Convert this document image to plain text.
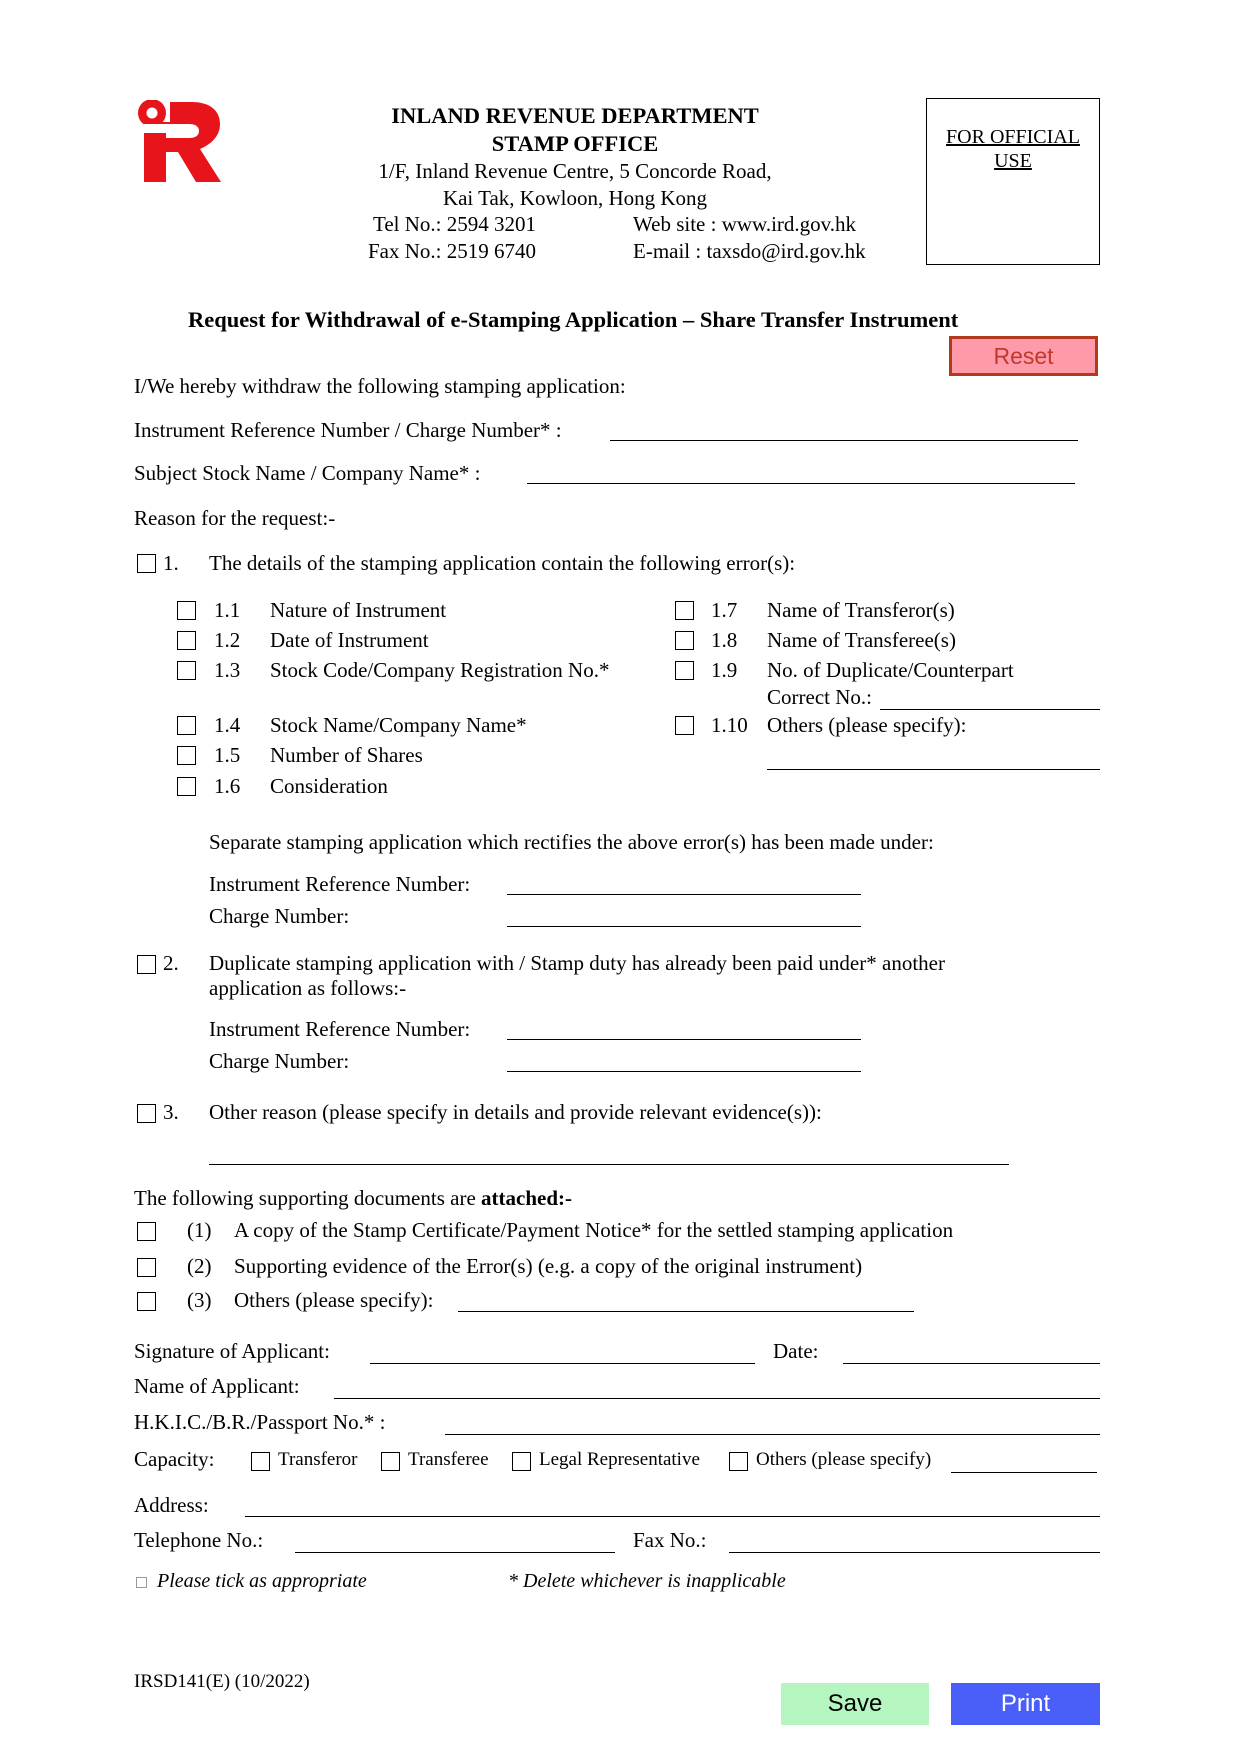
INLAND REVENUE DEPARTMENT
STAMP OFFICE
1/F, Inland Revenue Centre, 5 Concorde Road,
Kai Tak, Kowloon, Hong Kong
Tel No.: 2594 3201
Fax No.: 2519 6740
Web site : www.ird.gov.hk
E-mail : taxsdo@ird.gov.hk
FOR OFFICIAL
USE
Request for Withdrawal of e-Stamping Application – Share Transfer Instrument
Reset
I/We hereby withdraw the following stamping application:
Instrument Reference Number / Charge Number* :
Subject Stock Name / Company Name* :
Reason for the request:-
1. The details of the stamping application contain the following error(s):
1.1 Nature of Instrument
1.2 Date of Instrument
1.3 Stock Code/Company Registration No.*
1.4 Stock Name/Company Name*
1.5 Number of Shares
1.6 Consideration
1.7 Name of Transferor(s)
1.8 Name of Transferee(s)
1.9 No. of Duplicate/Counterpart
Correct No.:
1.10 Others (please specify):
Separate stamping application which rectifies the above error(s) has been made under:
Instrument Reference Number:
Charge Number:
2. Duplicate stamping application with / Stamp duty has already been paid under* another
application as follows:-
Instrument Reference Number:
Charge Number:
3. Other reason (please specify in details and provide relevant evidence(s)):
The following supporting documents are attached:-
(1) A copy of the Stamp Certificate/Payment Notice* for the settled stamping application
(2) Supporting evidence of the Error(s) (e.g. a copy of the original instrument)
(3) Others (please specify):
Signature of Applicant:	Date:
Name of Applicant:
H.K.I.C./B.R./Passport No.* :
Capacity:	Transferor	Transferee	Legal Representative	Others (please specify)
Address:
Telephone No.:	Fax No.:
Please tick as appropriate	* Delete whichever is inapplicable
IRSD141(E) (10/2022)
Save	Print
